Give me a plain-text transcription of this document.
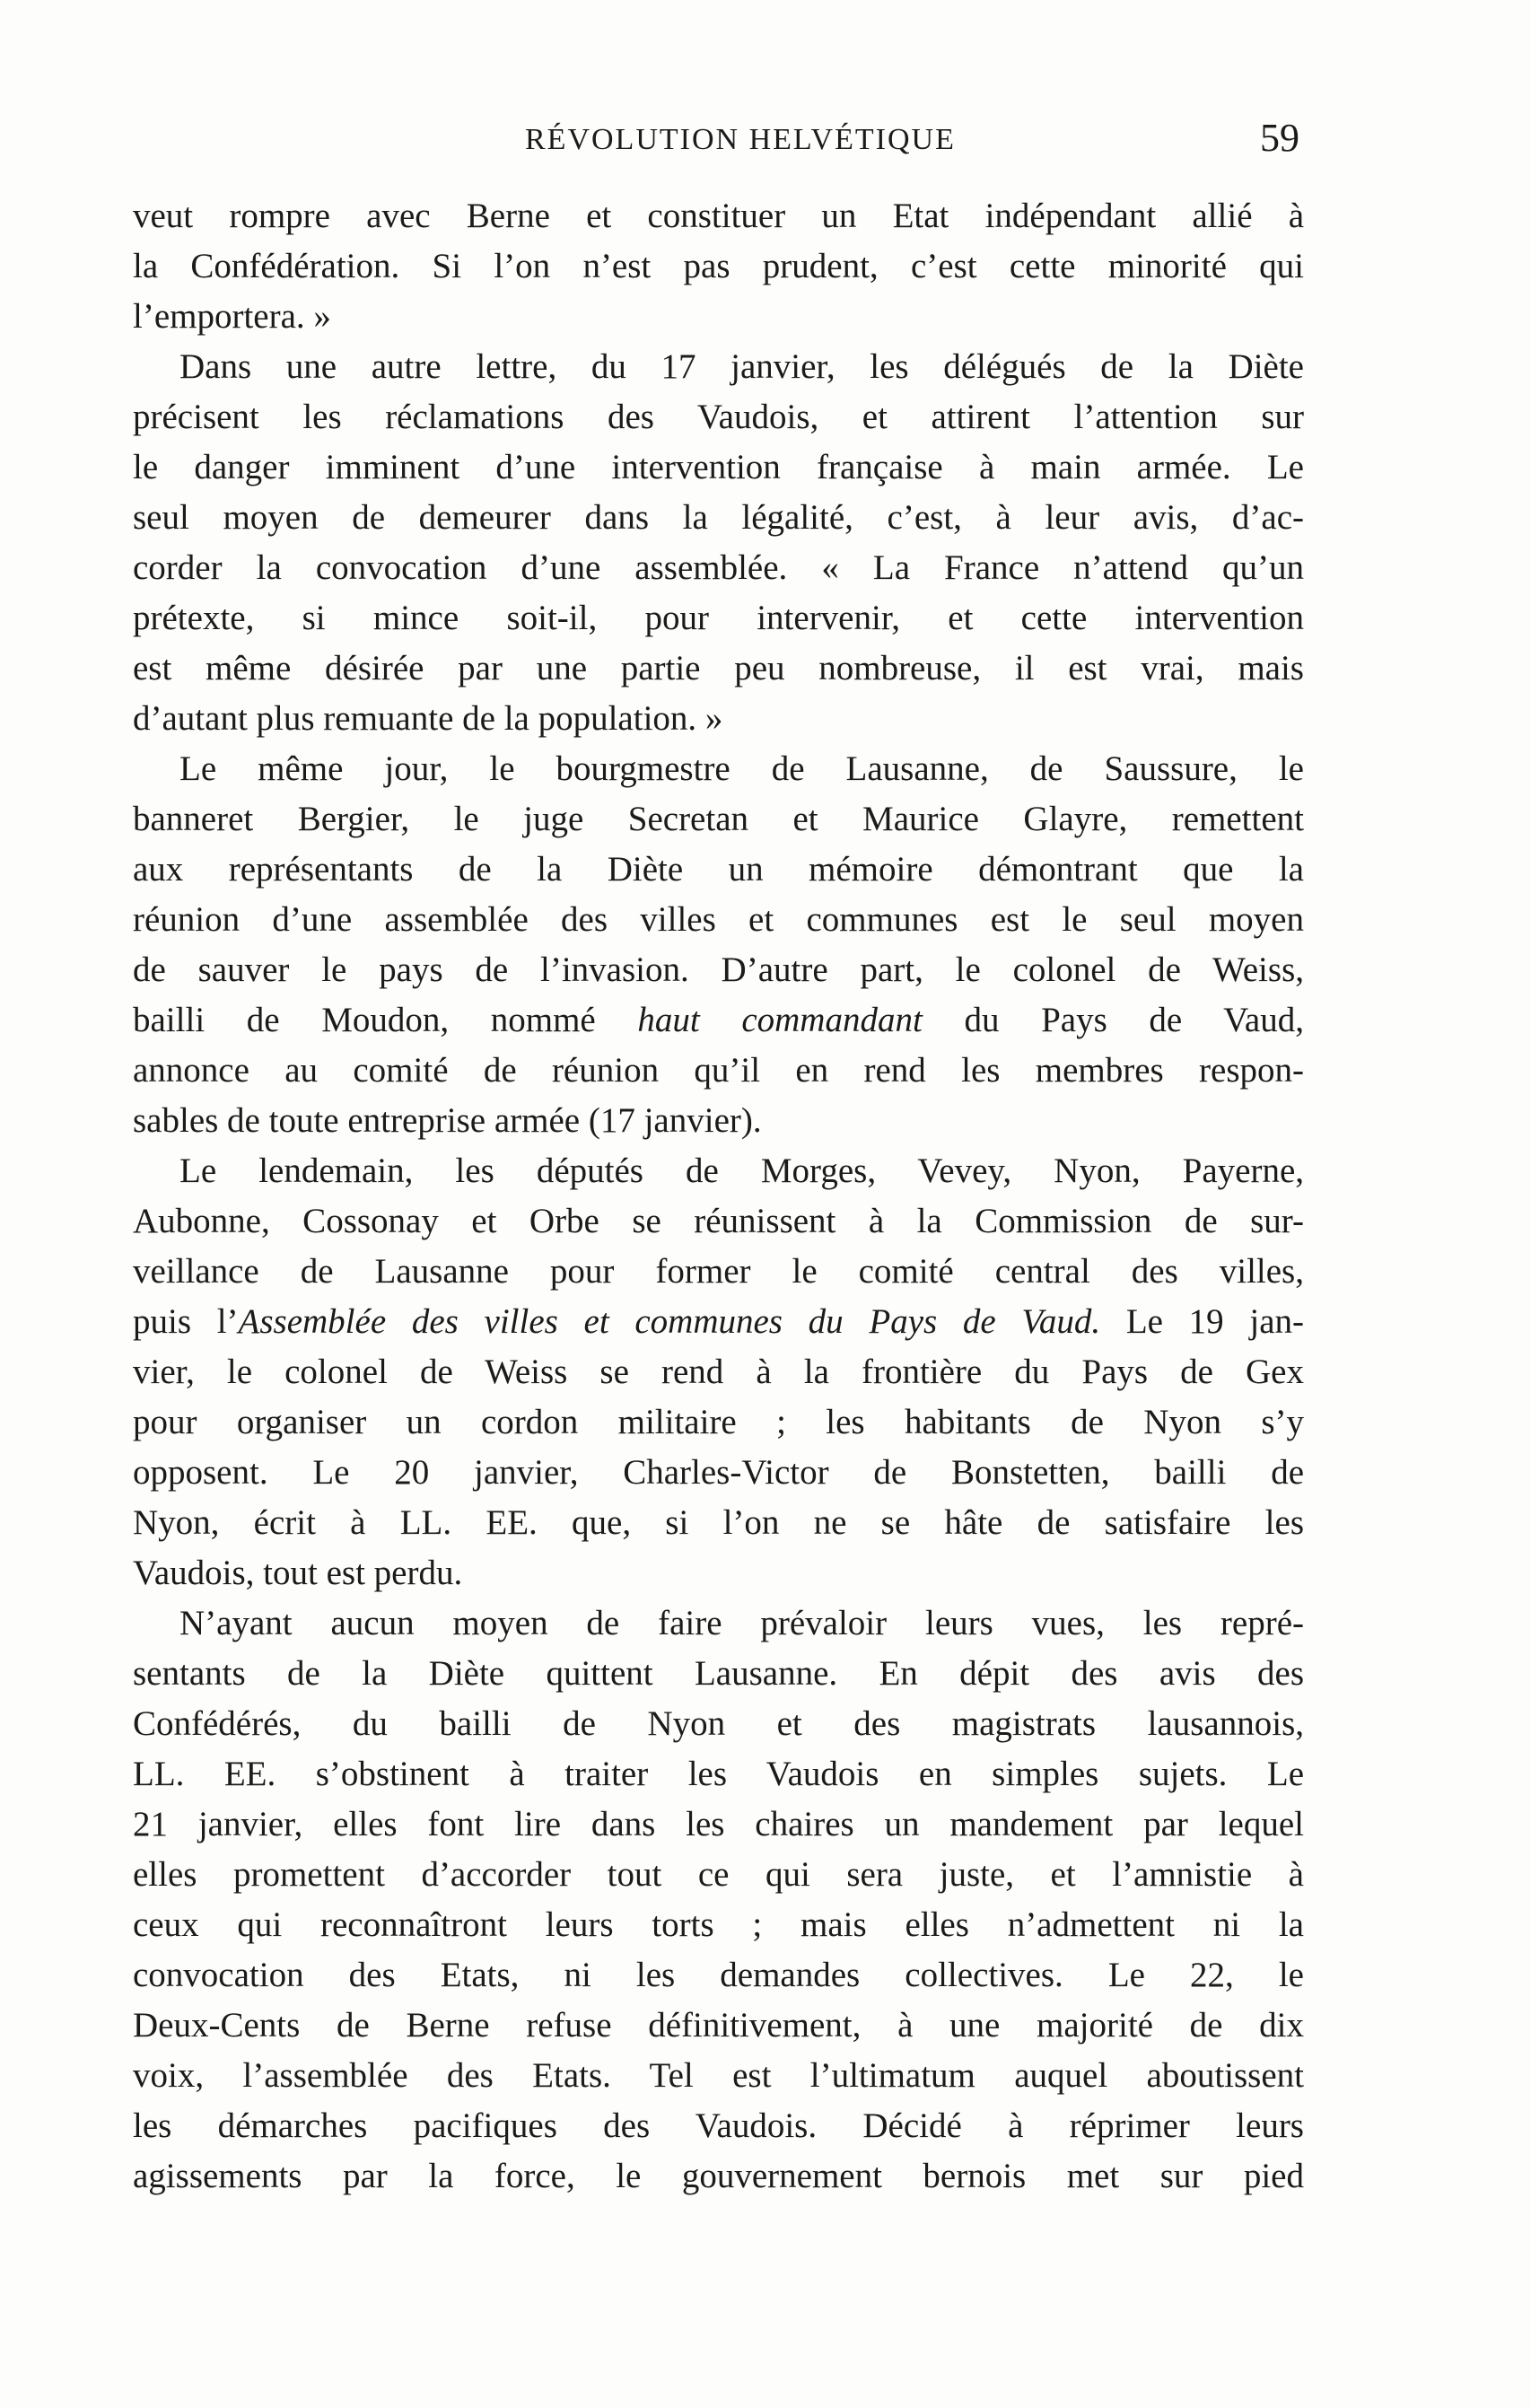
RÉVOLUTION HELVÉTIQUE	59
veut rompre avec Berne et constituer un Etat indépendant allié à
la Confédération. Si l’on n’est pas prudent, c’est cette minorité qui
l’emportera. »
Dans une autre lettre, du 17 janvier, les délégués de la Diète
précisent les réclamations des Vaudois, et attirent l’attention sur
le danger imminent d’une intervention française à main armée. Le
seul moyen de demeurer dans la légalité, c’est, à leur avis, d’ac-
corder la convocation d’une assemblée. « La France n’attend qu’un
prétexte, si mince soit-il, pour intervenir, et cette intervention
est même désirée par une partie peu nombreuse, il est vrai, mais
d’autant plus remuante de la population. »
Le même jour, le bourgmestre de Lausanne, de Saussure, le
banneret Bergier, le juge Secretan et Maurice Glayre, remettent
aux représentants de la Diète un mémoire démontrant que la
réunion d’une assemblée des villes et communes est le seul moyen
de sauver le pays de l’invasion. D’autre part, le colonel de Weiss,
bailli de Moudon, nommé haut commandant du Pays de Vaud,
annonce au comité de réunion qu’il en rend les membres respon-
sables de toute entreprise armée (17 janvier).
Le lendemain, les députés de Morges, Vevey, Nyon, Payerne,
Aubonne, Cossonay et Orbe se réunissent à la Commission de sur-
veillance de Lausanne pour former le comité central des villes,
puis l’Assemblée des villes et communes du Pays de Vaud. Le 19 jan-
vier, le colonel de Weiss se rend à la frontière du Pays de Gex
pour organiser un cordon militaire ; les habitants de Nyon s’y
opposent. Le 20 janvier, Charles-Victor de Bonstetten, bailli de
Nyon, écrit à LL. EE. que, si l’on ne se hâte de satisfaire les
Vaudois, tout est perdu.
N’ayant aucun moyen de faire prévaloir leurs vues, les repré-
sentants de la Diète quittent Lausanne. En dépit des avis des
Confédérés, du bailli de Nyon et des magistrats lausannois,
LL. EE. s’obstinent à traiter les Vaudois en simples sujets. Le
21 janvier, elles font lire dans les chaires un mandement par lequel
elles promettent d’accorder tout ce qui sera juste, et l’amnistie à
ceux qui reconnaîtront leurs torts ; mais elles n’admettent ni la
convocation des Etats, ni les demandes collectives. Le 22, le
Deux-Cents de Berne refuse définitivement, à une majorité de dix
voix, l’assemblée des Etats. Tel est l’ultimatum auquel aboutissent
les démarches pacifiques des Vaudois. Décidé à réprimer leurs
agissements par la force, le gouvernement bernois met sur pied
